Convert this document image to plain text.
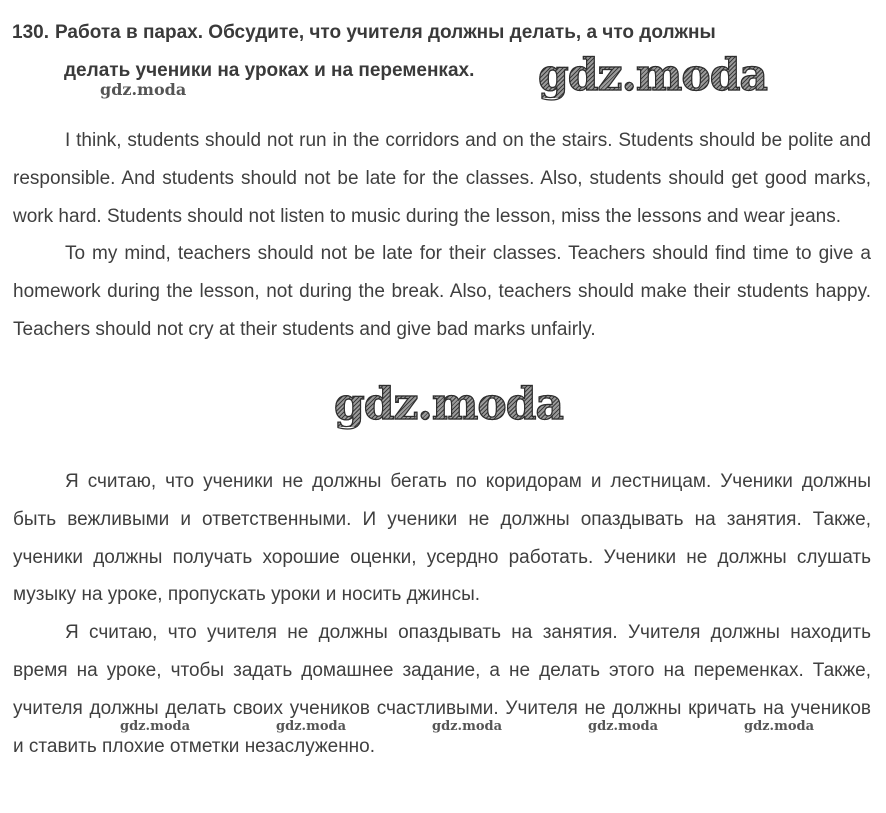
130. Работа в парах. Обсудите, что учителя должны делать, а что должны
делать ученики на уроках и на переменках.

I think, students should not run in the corridors and on the stairs. Students should be polite and responsible. And students should not be late for the classes. Also, students should get good marks, work hard. Students should not listen to music during the lesson, miss the lessons and wear jeans.

To my mind, teachers should not be late for their classes. Teachers should find time to give a homework during the lesson, not during the break. Also, teachers should make their students happy. Teachers should not cry at their students and give bad marks unfairly.

Я считаю, что ученики не должны бегать по коридорам и лестницам. Ученики должны быть вежливыми и ответственными. И ученики не должны опаздывать на занятия. Также, ученики должны получать хорошие оценки, усердно работать. Ученики не должны слушать музыку на уроке, пропускать уроки и носить джинсы.

Я считаю, что учителя не должны опаздывать на занятия. Учителя должны находить время на уроке, чтобы задать домашнее задание, а не делать этого на переменках. Также, учителя должны делать своих учеников счастливыми. Учителя не должны кричать на учеников и ставить плохие отметки незаслуженно.

gdz.moda
gdz.moda
gdz.moda
gdz.moda	gdz.moda	gdz.moda	gdz.moda	gdz.moda
